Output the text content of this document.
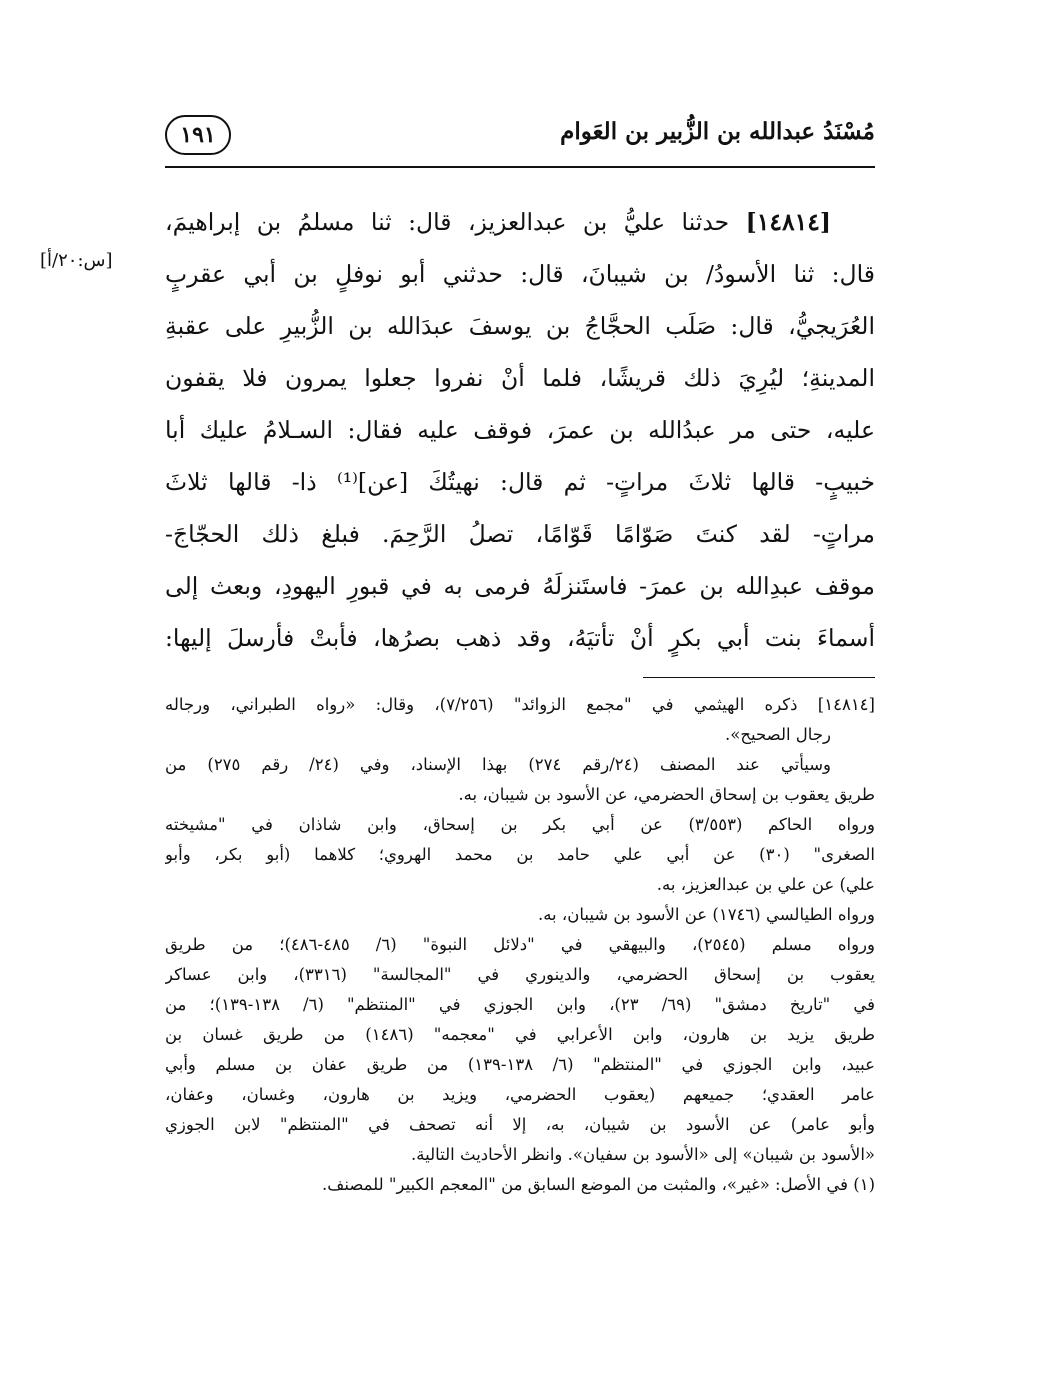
مُسْنَدُ عبدالله بن الزُّبير بن العَوام
١٩١
[س:٢٠/أ]
[١٤٨١٤] حدثنا عليُّ بن عبدالعزيز، قال: ثنا مسلمُ بن إبراهيمَ،
قال: ثنا الأسودُ/ بن شيبانَ، قال: حدثني أبو نوفلٍ بن أبي عقربٍ
العُرَيجيُّ، قال: صَلَب الحجَّاجُ بن يوسفَ عبدَالله بن الزُّبيرِ على عقبةِ
المدينةِ؛ ليُرِيَ ذلك قريشًا، فلما أنْ نفروا جعلوا يمرون فلا يقفون
عليه، حتى مر عبدُالله بن عمرَ، فوقف عليه فقال: السـلامُ عليك أبا
خبيبٍ- قالها ثلاثَ مراتٍ- ثم قال: نهيتُكَ [عن]⁽¹⁾ ذا- قالها ثلاثَ
مراتٍ- لقد كنتَ صَوّامًا قَوّامًا، تصلُ الرَّحِمَ. فبلغ ذلك الحجّاجَ-
موقف عبدِالله بن عمرَ- فاستَنزلَهُ فرمى به في قبورِ اليهودِ، وبعث إلى
أسماءَ بنت أبي بكرٍ أنْ تأتيَهُ، وقد ذهب بصرُها، فأبتْ فأرسلَ إليها:
[١٤٨١٤] ذكره الهيثمي في "مجمع الزوائد" (٧/٢٥٦)، وقال: «رواه الطبراني، ورجاله
رجال الصحيح».
وسيأتي عند المصنف (٢٤/رقم ٢٧٤) بهذا الإسناد، وفي (٢٤/ رقم ٢٧٥) من
طريق يعقوب بن إسحاق الحضرمي، عن الأسود بن شيبان، به.
ورواه الحاكم (٣/٥٥٣) عن أبي بكر بن إسحاق، وابن شاذان في "مشيخته
الصغرى" (٣٠) عن أبي علي حامد بن محمد الهروي؛ كلاهما (أبو بكر، وأبو
علي) عن علي بن عبدالعزيز، به.
ورواه الطيالسي (١٧٤٦) عن الأسود بن شيبان، به.
ورواه مسلم (٢٥٤٥)، والبيهقي في "دلائل النبوة" (٦/ ٤٨٥-٤٨٦)؛ من طريق
يعقوب بن إسحاق الحضرمي، والدينوري في "المجالسة" (٣٣١٦)، وابن عساكر
في "تاريخ دمشق" (٦٩/ ٢٣)، وابن الجوزي في "المنتظم" (٦/ ١٣٨-١٣٩)؛ من
طريق يزيد بن هارون، وابن الأعرابي في "معجمه" (١٤٨٦) من طريق غسان بن
عبيد، وابن الجوزي في "المنتظم" (٦/ ١٣٨-١٣٩) من طريق عفان بن مسلم وأبي
عامر العقدي؛ جميعهم (يعقوب الحضرمي، ويزيد بن هارون، وغسان، وعفان،
وأبو عامر) عن الأسود بن شيبان، به، إلا أنه تصحف في "المنتظم" لابن الجوزي
«الأسود بن شيبان» إلى «الأسود بن سفيان». وانظر الأحاديث التالية.
(١) في الأصل: «غير»، والمثبت من الموضع السابق من "المعجم الكبير" للمصنف.
